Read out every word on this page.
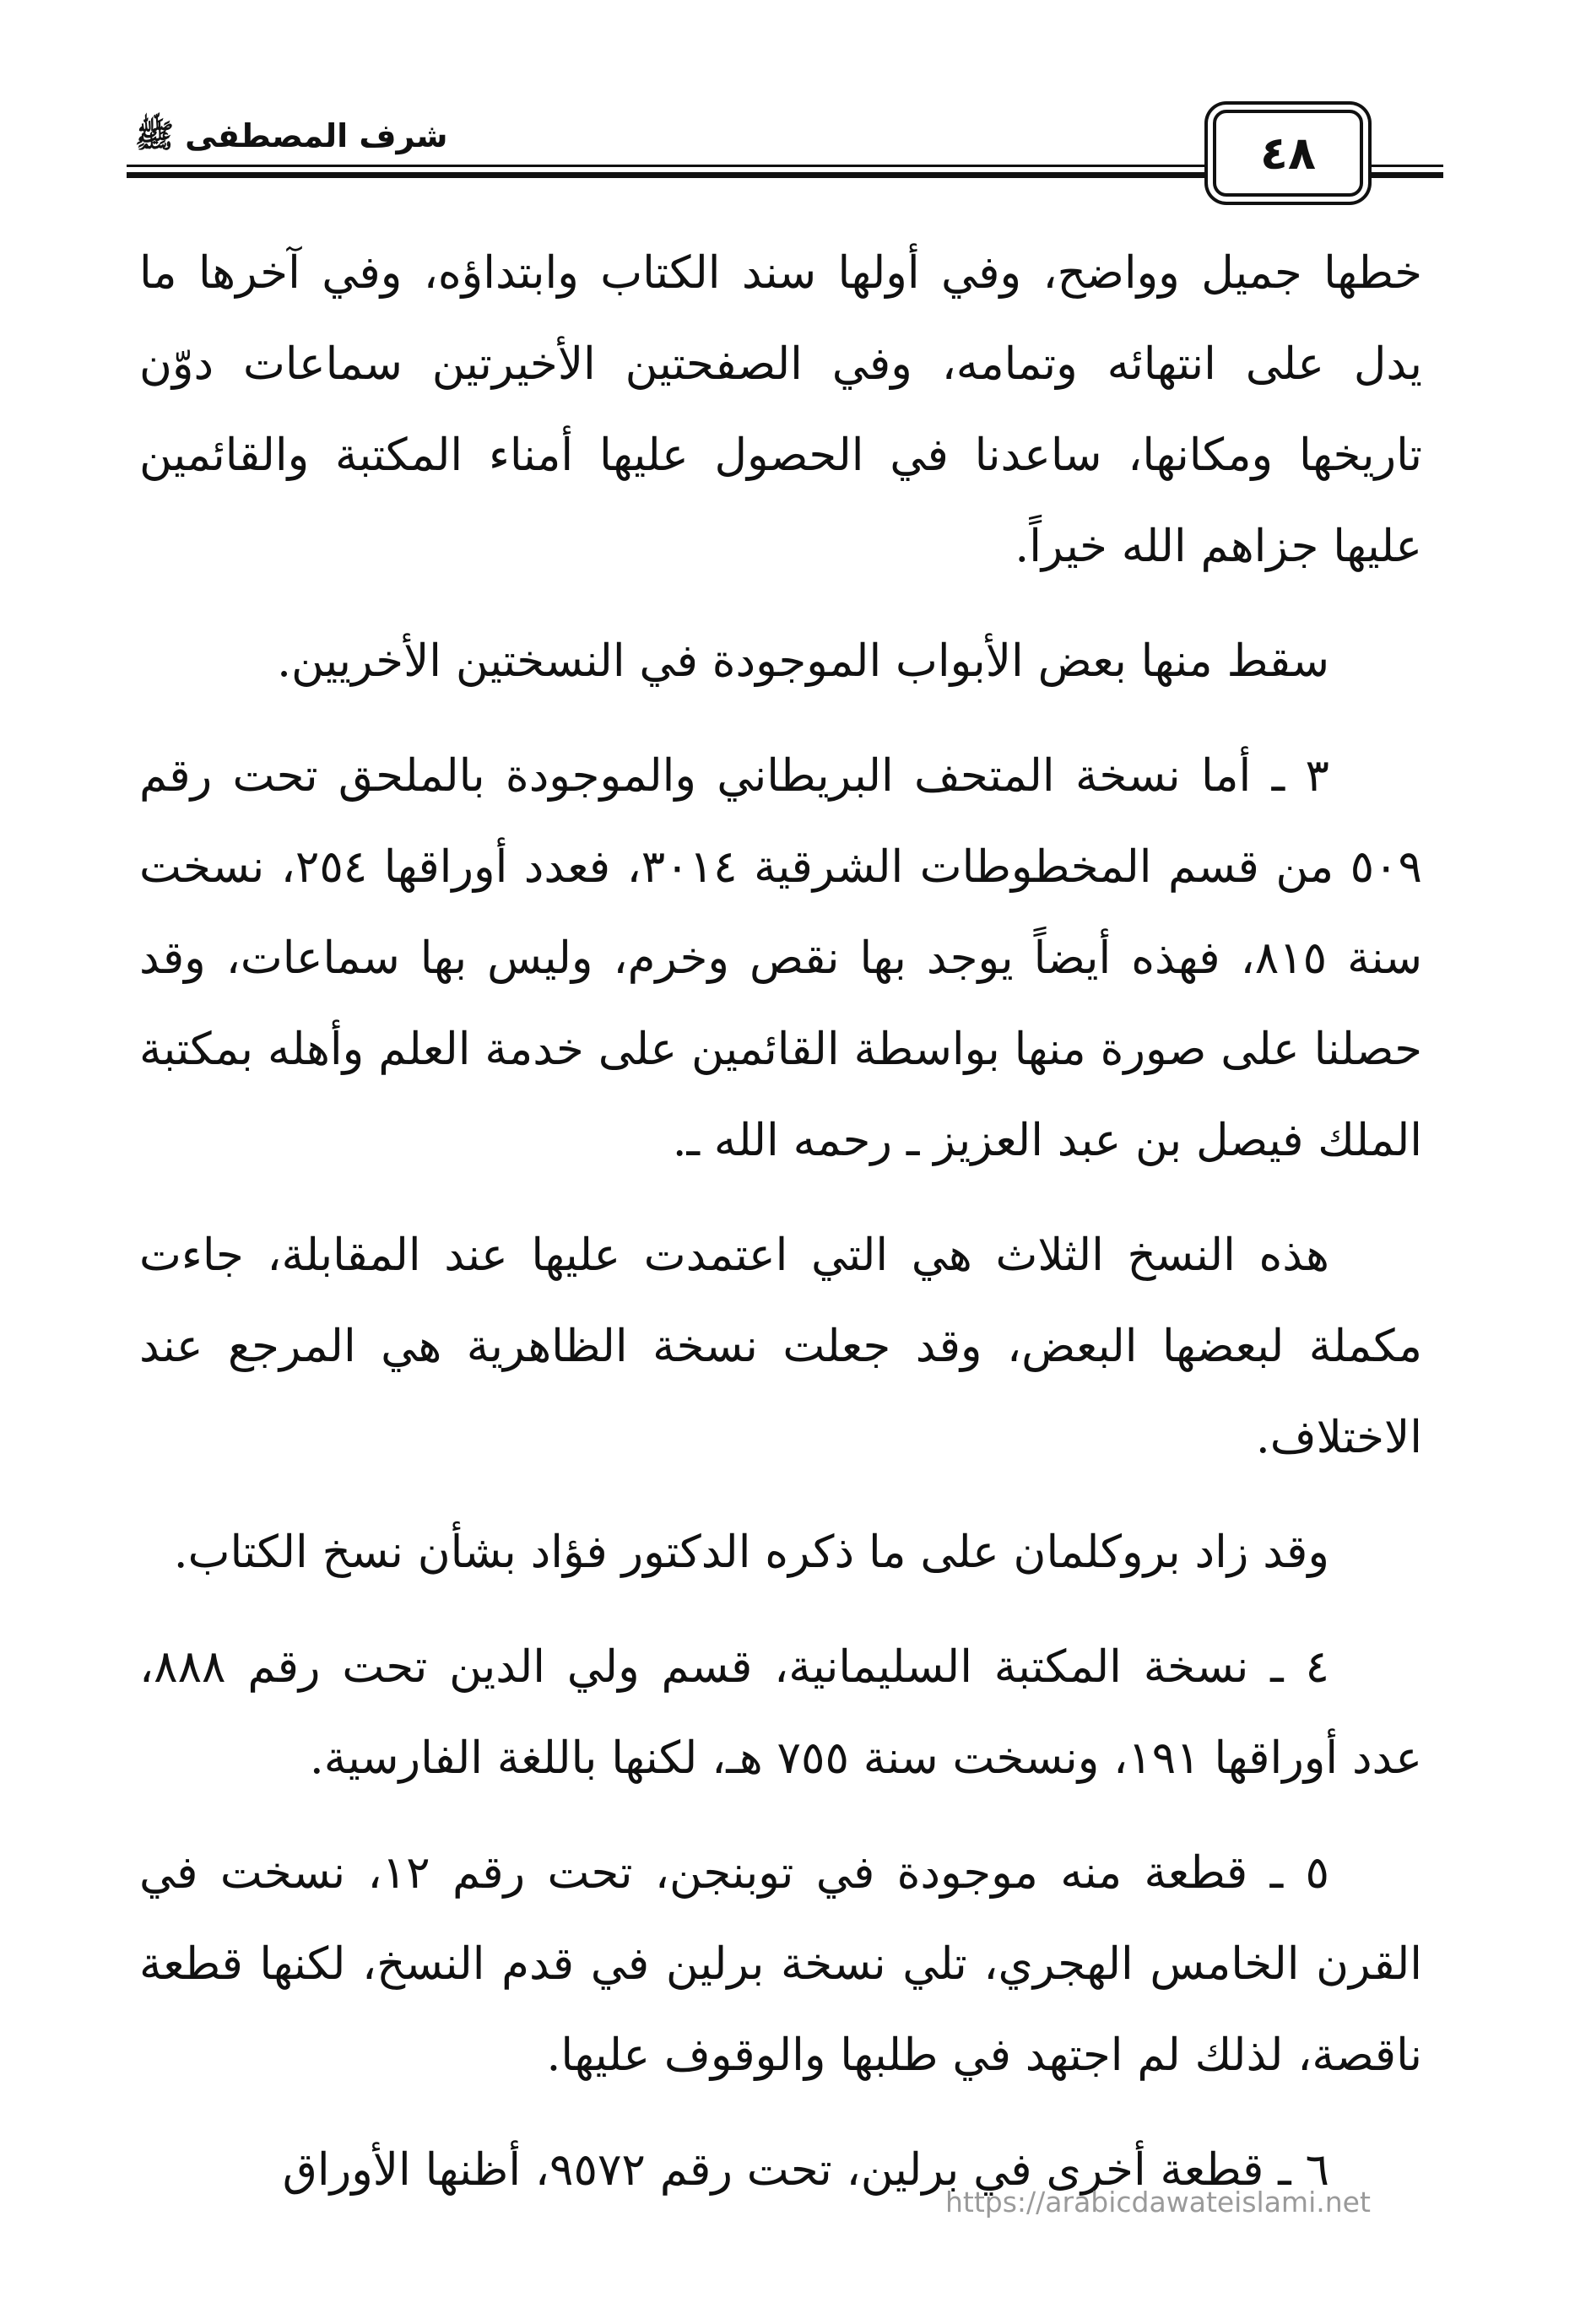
٤٨
شرف المصطفى ﷺ

خطها جميل وواضح، وفي أولها سند الكتاب وابتداؤه، وفي آخرها ما يدل على انتهائه وتمامه، وفي الصفحتين الأخيرتين سماعات دوّن تاريخها ومكانها، ساعدنا في الحصول عليها أمناء المكتبة والقائمين عليها جزاهم الله خيراً.

سقط منها بعض الأبواب الموجودة في النسختين الأخريين.

٣ ـ أما نسخة المتحف البريطاني والموجودة بالملحق تحت رقم ٥٠٩ من قسم المخطوطات الشرقية ٣٠١٤، فعدد أوراقها ٢٥٤، نسخت سنة ٨١٥، فهذه أيضاً يوجد بها نقص وخرم، وليس بها سماعات، وقد حصلنا على صورة منها بواسطة القائمين على خدمة العلم وأهله بمكتبة الملك فيصل بن عبد العزيز ـ رحمه الله ـ.

هذه النسخ الثلاث هي التي اعتمدت عليها عند المقابلة، جاءت مكملة لبعضها البعض، وقد جعلت نسخة الظاهرية هي المرجع عند الاختلاف.

وقد زاد بروكلمان على ما ذكره الدكتور فؤاد بشأن نسخ الكتاب.

٤ ـ نسخة المكتبة السليمانية، قسم ولي الدين تحت رقم ٨٨٨، عدد أوراقها ١٩١، ونسخت سنة ٧٥٥ هـ، لكنها باللغة الفارسية.

٥ ـ قطعة منه موجودة في توبنجن، تحت رقم ١٢، نسخت في القرن الخامس الهجري، تلي نسخة برلين في قدم النسخ، لكنها قطعة ناقصة، لذلك لم اجتهد في طلبها والوقوف عليها.

٦ ـ قطعة أخرى في برلين، تحت رقم ٩٥٧٢، أظنها الأوراق

https://arabicdawateislami.net
